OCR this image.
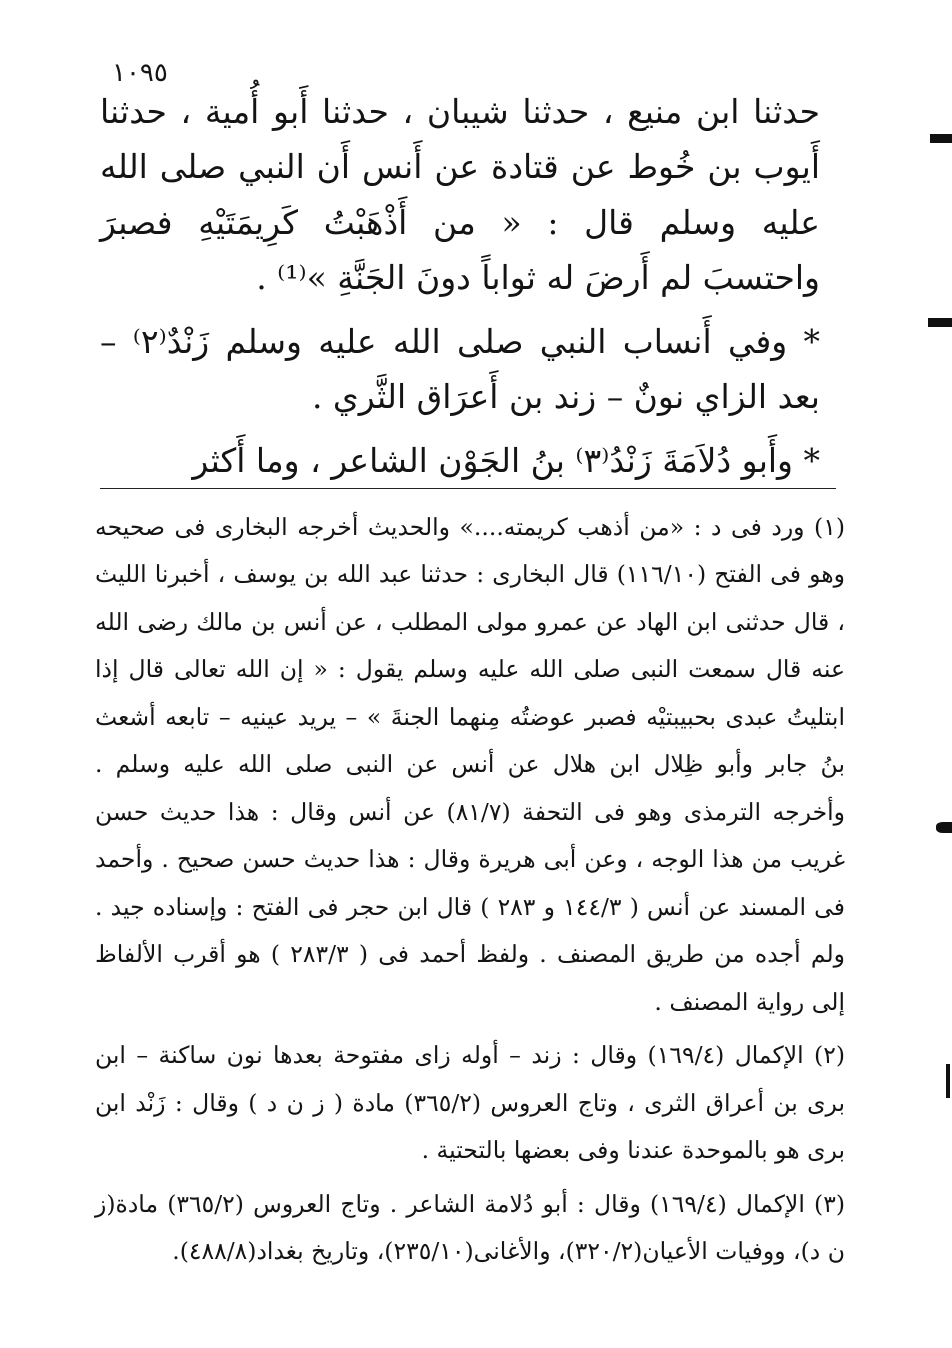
١٠٩٥

حدثنا ابن منيع ، حدثنا شيبان ، حدثنا أَبو أُمية ، حدثنا أَيوب بن خُوط عن قتادة عن أَنس أَن النبي صلى الله عليه وسلم قال : « من أَذْهَبْتُ كَرِيمَتَيْهِ فصبرَ واحتسبَ لم أَرضَ له ثواباً دونَ الجَنَّةِ »⁽¹⁾ .

* وفي أَنساب النبي صلى الله عليه وسلم زَنْدٌ⁽٢⁾ – بعد الزاي نونٌ – زند بن أَعرَاق الثَّري .

* وأَبو دُلاَمَةَ زَنْدُ⁽٣⁾ بنُ الجَوْن الشاعر ، وما أَكثر

(١) ورد فى د : «من أذهب كريمته....» والحديث أخرجه البخارى فى صحيحه وهو فى الفتح (١١٦/١٠) قال البخارى : حدثنا عبد الله بن يوسف ، أخبرنا الليث ، قال حدثنى ابن الهاد عن عمرو مولى المطلب ، عن أنس بن مالك رضى الله عنه قال سمعت النبى صلى الله عليه وسلم يقول : « إن الله تعالى قال إذا ابتليتُ عبدى بحبيبتيْه فصبر عوضتُه مِنهما الجنةَ » – يريد عينيه – تابعه أشعث بنُ جابر وأبو ظِلال ابن هلال عن أنس عن النبى صلى الله عليه وسلم . وأخرجه الترمذى وهو فى التحفة (٨١/٧) عن أنس وقال : هذا حديث حسن غريب من هذا الوجه ، وعن أبى هريرة وقال : هذا حديث حسن صحيح . وأحمد فى المسند عن أنس ( ١٤٤/٣ و ٢٨٣ ) قال ابن حجر فى الفتح : وإسناده جيد . ولم أجده من طريق المصنف . ولفظ أحمد فى ( ٢٨٣/٣ ) هو أقرب الألفاظ إلى رواية المصنف .

(٢) الإكمال (١٦٩/٤) وقال : زند – أوله زاى مفتوحة بعدها نون ساكنة – ابن برى بن أعراق الثرى ، وتاج العروس (٣٦٥/٢) مادة ( ز ن د ) وقال : زَنْد ابن برى هو بالموحدة عندنا وفى بعضها بالتحتية .

(٣) الإكمال (١٦٩/٤) وقال : أبو دُلامة الشاعر . وتاج العروس (٣٦٥/٢) مادة(ز ن د)، ووفيات الأعيان(٣٢٠/٢)، والأغانى(٢٣٥/١٠)، وتاريخ بغداد(٤٨٨/٨).
